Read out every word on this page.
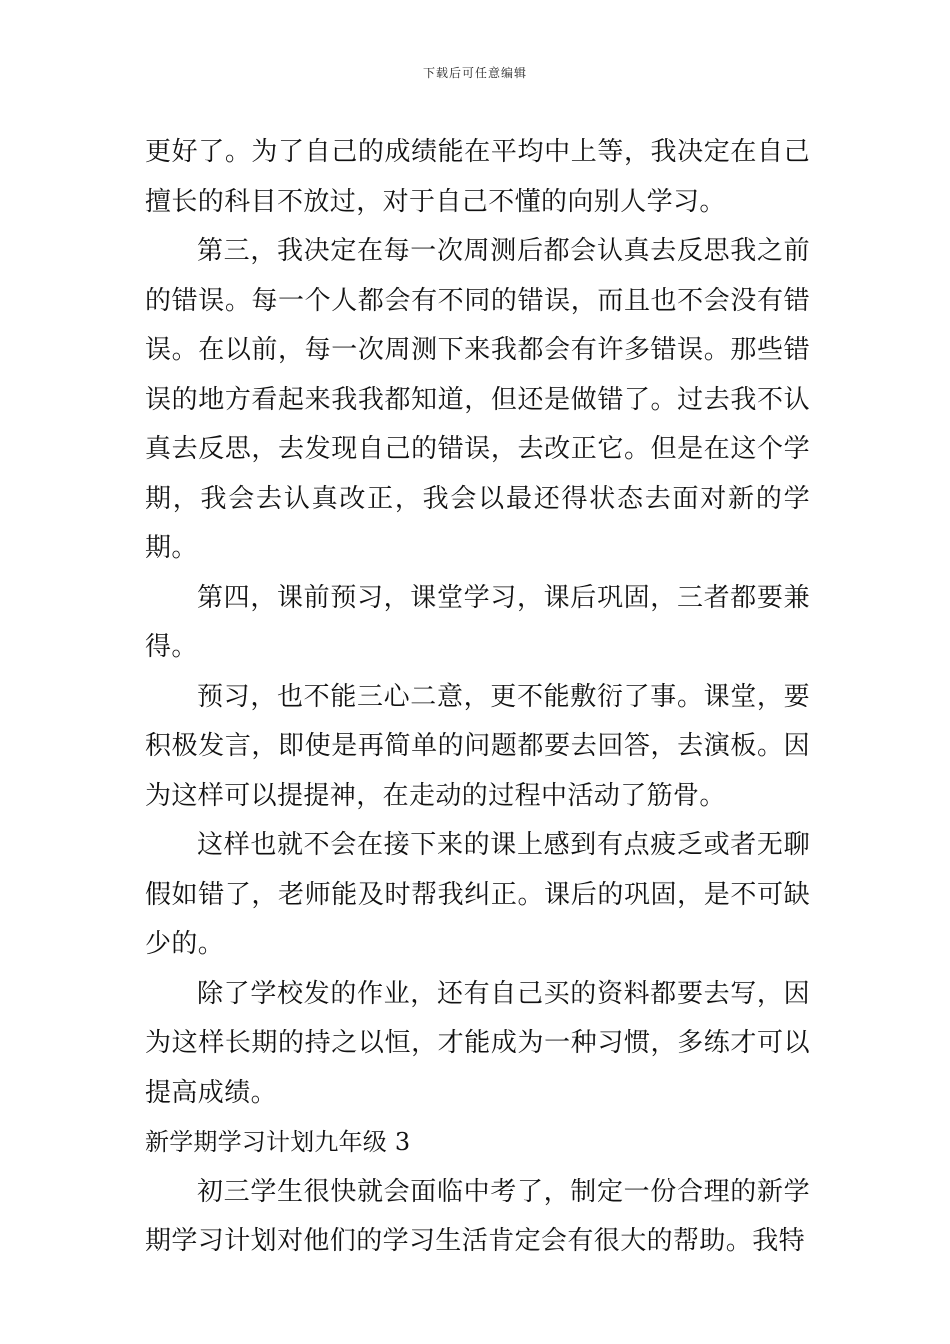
下载后可任意编辑

更好了。为了自己的成绩能在平均中上等，我决定在自己擅长的科目不放过，对于自己不懂的向别人学习。

第三，我决定在每一次周测后都会认真去反思我之前的错误。每一个人都会有不同的错误，而且也不会没有错误。在以前，每一次周测下来我都会有许多错误。那些错误的地方看起来我我都知道，但还是做错了。过去我不认真去反思，去发现自己的错误，去改正它。但是在这个学期，我会去认真改正，我会以最还得状态去面对新的学期。

第四，课前预习，课堂学习，课后巩固，三者都要兼得。

预习，也不能三心二意，更不能敷衍了事。课堂，要积极发言，即使是再简单的问题都要去回答，去演板。因为这样可以提提神，在走动的过程中活动了筋骨。

这样也就不会在接下来的课上感到有点疲乏或者无聊假如错了，老师能及时帮我纠正。课后的巩固，是不可缺少的。

除了学校发的作业，还有自己买的资料都要去写，因为这样长期的持之以恒，才能成为一种习惯，多练才可以提高成绩。

新学期学习计划九年级 3

初三学生很快就会面临中考了，制定一份合理的新学期学习计划对他们的学习生活肯定会有很大的帮助。我特
